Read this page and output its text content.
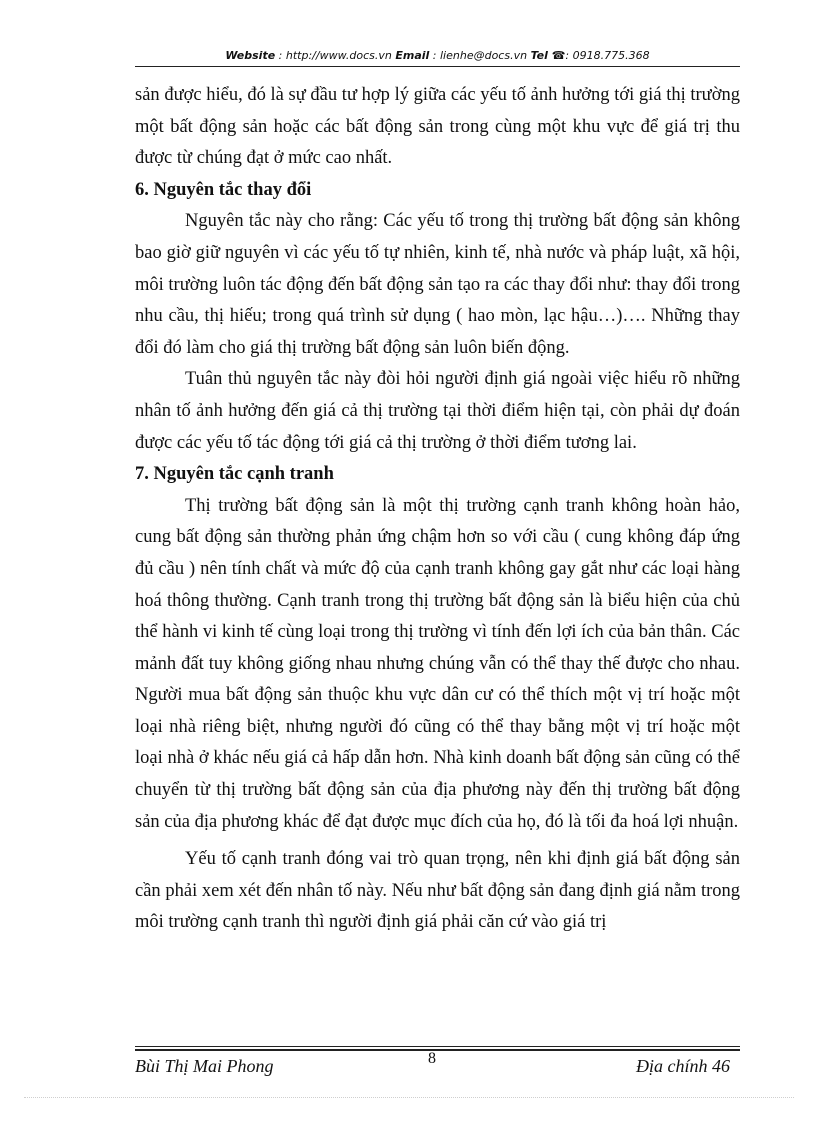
Website : http://www.docs.vn Email : lienhe@docs.vn Tel ☎: 0918.775.368

sản được hiểu, đó là sự đầu tư hợp lý giữa các yếu tố ảnh hưởng tới giá thị trường một bất động sản hoặc các bất động sản trong cùng một khu vực để giá trị thu được từ chúng đạt ở mức cao nhất.

6. Nguyên tắc thay đổi

Nguyên tắc này cho rằng: Các yếu tố trong thị trường bất động sản không bao giờ giữ nguyên vì các yếu tố tự nhiên, kinh tế, nhà nước và pháp luật, xã hội, môi trường luôn tác động đến bất động sản tạo ra các thay đổi như: thay đổi trong nhu cầu, thị hiếu; trong quá trình sử dụng ( hao mòn, lạc hậu…)…. Những thay đổi đó làm cho giá thị trường bất động sản luôn biến động.

Tuân thủ nguyên tắc này đòi hỏi người định giá ngoài việc hiểu rõ những nhân tố ảnh hưởng đến giá cả thị trường tại thời điểm hiện tại, còn phải dự đoán được các yếu tố tác động tới giá cả thị trường ở thời điểm tương lai.

7. Nguyên tắc cạnh tranh

Thị trường bất động sản là một thị trường cạnh tranh không hoàn hảo, cung bất động sản thường phản ứng chậm hơn so với cầu ( cung không đáp ứng đủ cầu ) nên tính chất và mức độ của cạnh tranh không gay gắt như các loại hàng hoá thông thường. Cạnh tranh trong thị trường bất động sản là biểu hiện của chủ thể hành vi kinh tế cùng loại trong thị trường vì tính đến lợi ích của bản thân. Các mảnh đất tuy không giống nhau nhưng chúng vẫn có thể thay thế được cho nhau. Người mua bất động sản thuộc khu vực dân cư có thể thích một vị trí hoặc một loại nhà riêng biệt, nhưng người đó cũng có thể thay bằng một vị trí hoặc một loại nhà ở khác nếu giá cả hấp dẫn hơn. Nhà kinh doanh bất động sản cũng có thể chuyển từ thị trường bất động sản của địa phương này đến thị trường bất động sản của địa phương khác để đạt được mục đích của họ, đó là tối đa hoá lợi nhuận.

Yếu tố cạnh tranh đóng vai trò quan trọng, nên khi định giá bất động sản cần phải xem xét đến nhân tố này. Nếu như bất động sản đang định giá nằm trong môi trường cạnh tranh thì người định giá phải căn cứ vào giá trị

Bùi Thị Mai Phong	8	Địa chính 46
